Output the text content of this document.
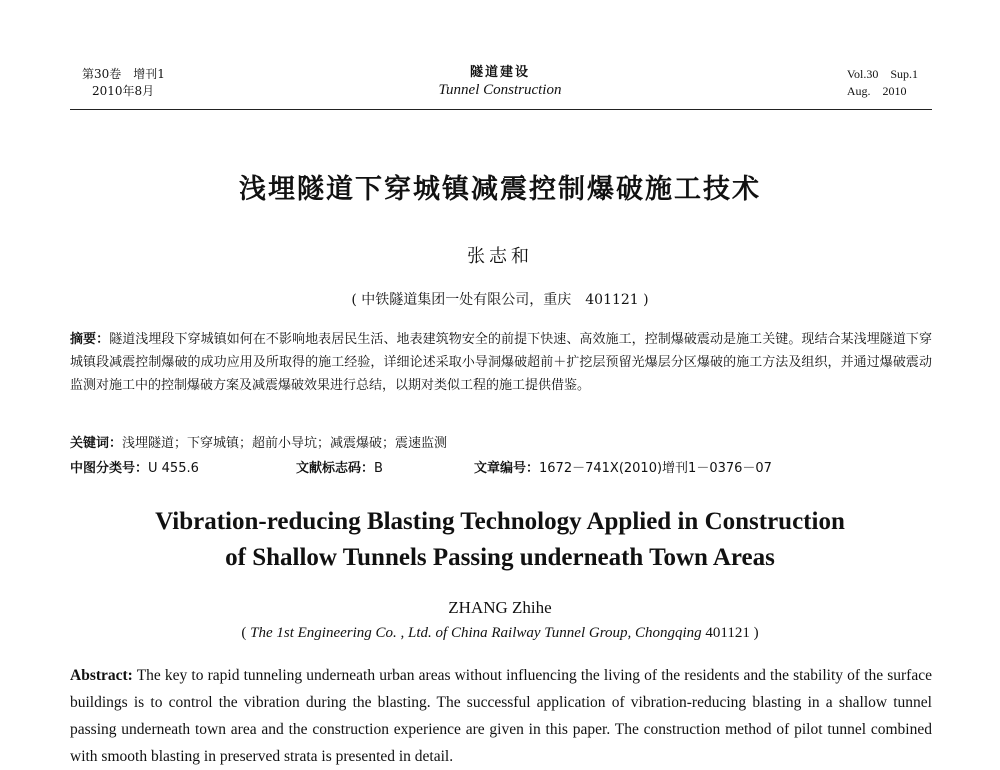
第30卷　增刊1
2010年8月
隧道建设
Tunnel Construction
Vol.30　Sup.1
Aug.　2010
浅埋隧道下穿城镇减震控制爆破施工技术
张志和
( 中铁隧道集团一处有限公司，重庆　401121 )
摘要：隧道浅埋段下穿城镇如何在不影响地表居民生活、地表建筑物安全的前提下快速、高效施工，控制爆破震动是施工关键。现结合某浅埋隧道下穿城镇段减震控制爆破的成功应用及所取得的施工经验，详细论述采取小导洞爆破超前＋扩挖层预留光爆层分区爆破的施工方法及组织，并通过爆破震动监测对施工中的控制爆破方案及减震爆破效果进行总结，以期对类似工程的施工提供借鉴。
关键词：浅埋隧道；下穿城镇；超前小导坑；减震爆破；震速监测
中图分类号：U 455.6	文献标志码：B	文章编号：1672－741X(2010)增刊1－0376－07
Vibration-reducing Blasting Technology Applied in Construction
of Shallow Tunnels Passing underneath Town Areas
ZHANG Zhihe
( The 1st Engineering Co. , Ltd. of China Railway Tunnel Group, Chongqing 401121 )
Abstract: The key to rapid tunneling underneath urban areas without influencing the living of the residents and the stability of the surface buildings is to control the vibration during the blasting. The successful application of vibration-reducing blasting in a shallow tunnel passing underneath town area and the construction experience are given in this paper. The construction method of pilot tunnel combined with smooth blasting in preserved strata is presented in detail.
